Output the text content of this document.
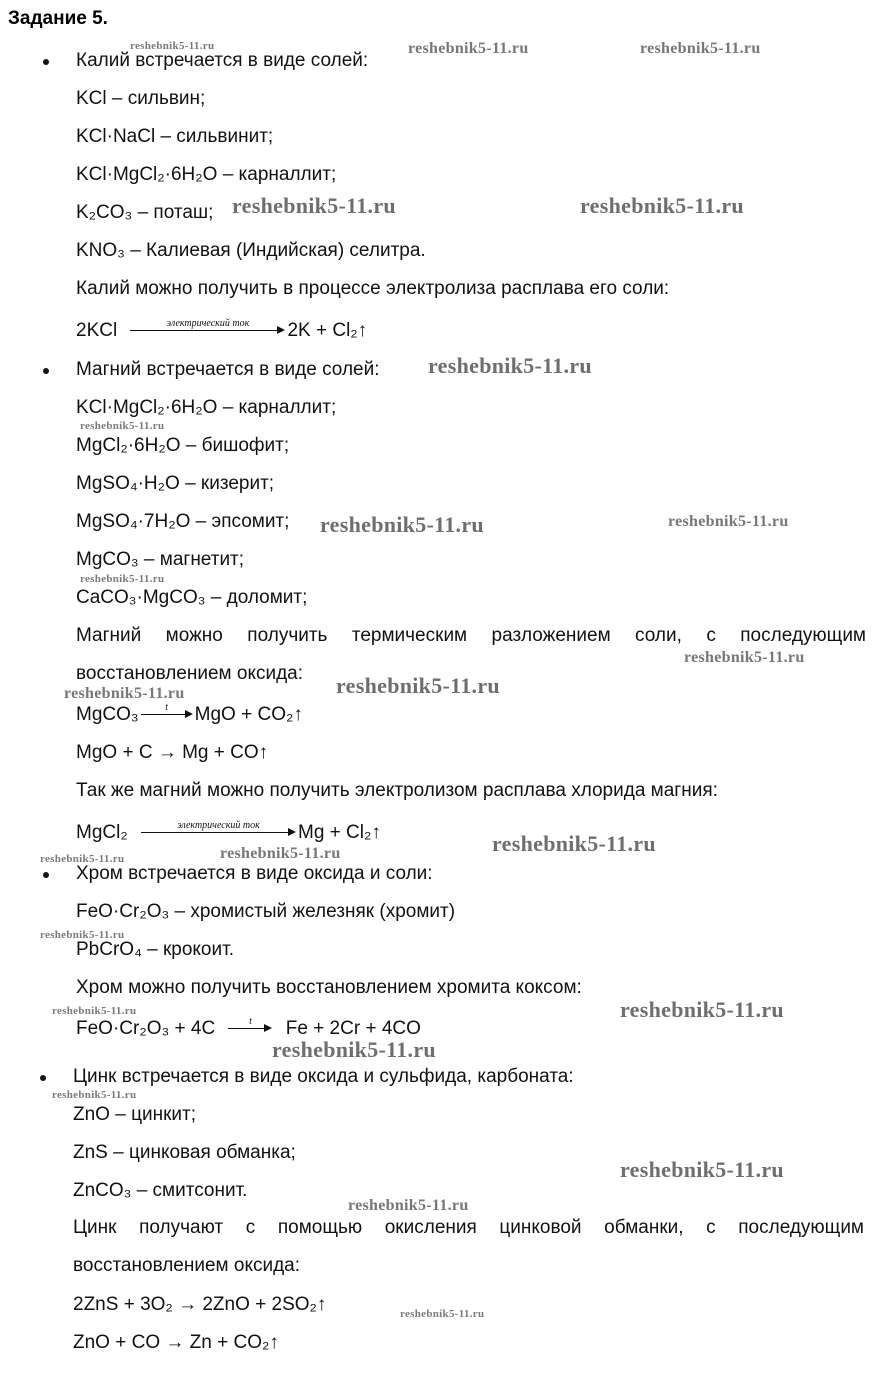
Задание 5.
Калий встречается в виде солей:
KCl – сильвин;
KCl·NaCl – сильвинит;
KCl·MgCl₂·6H₂O – карналлит;
K₂CO₃ – поташ;
KNO₃ – Калиевая (Индийская) селитра.
Калий можно получить в процессе электролиза расплава его соли:
2KCl	электрический ток	2K + Cl₂↑
Магний встречается в виде солей:
KCl·MgCl₂·6H₂O – карналлит;
MgCl₂·6H₂O – бишофит;
MgSO₄·H₂O – кизерит;
MgSO₄·7H₂O – эпсомит;
MgCO₃ – магнетит;
CaCO₃·MgCO₃ – доломит;
Магний можно получить термическим разложением соли, с последующим восстановлением оксида:
MgCO₃	t	MgO + CO₂↑
MgO + C → Mg + CO↑
Так же магний можно получить электролизом расплава хлорида магния:
MgCl₂	электрический ток	Mg + Cl₂↑
Хром встречается в виде оксида и соли:
FeO·Cr₂O₃ – хромистый железняк (хромит)
PbCrO₄ – крокоит.
Хром можно получить восстановлением хромита коксом:
FeO·Cr₂O₃ + 4C	t	Fe + 2Cr + 4CO
Цинк встречается в виде оксида и сульфида, карбоната:
ZnO – цинкит;
ZnS – цинковая обманка;
ZnCO₃ – смитсонит.
Цинк получают с помощью окисления цинковой обманки, с последующим восстановлением оксида:
2ZnS + 3O₂ → 2ZnO + 2SO₂↑
ZnO + CO → Zn + CO₂↑
reshebnik5-11.ru	reshebnik5-11.ru	reshebnik5-11.ru
reshebnik5-11.ru	reshebnik5-11.ru
reshebnik5-11.ru
reshebnik5-11.ru
reshebnik5-11.ru	reshebnik5-11.ru
reshebnik5-11.ru
reshebnik5-11.ru
reshebnik5-11.ru	reshebnik5-11.ru
reshebnik5-11.ru	reshebnik5-11.ru
reshebnik5-11.ru
reshebnik5-11.ru
reshebnik5-11.ru
reshebnik5-11.ru
reshebnik5-11.ru
reshebnik5-11.ru
reshebnik5-11.ru
reshebnik5-11.ru
reshebnik5-11.ru
